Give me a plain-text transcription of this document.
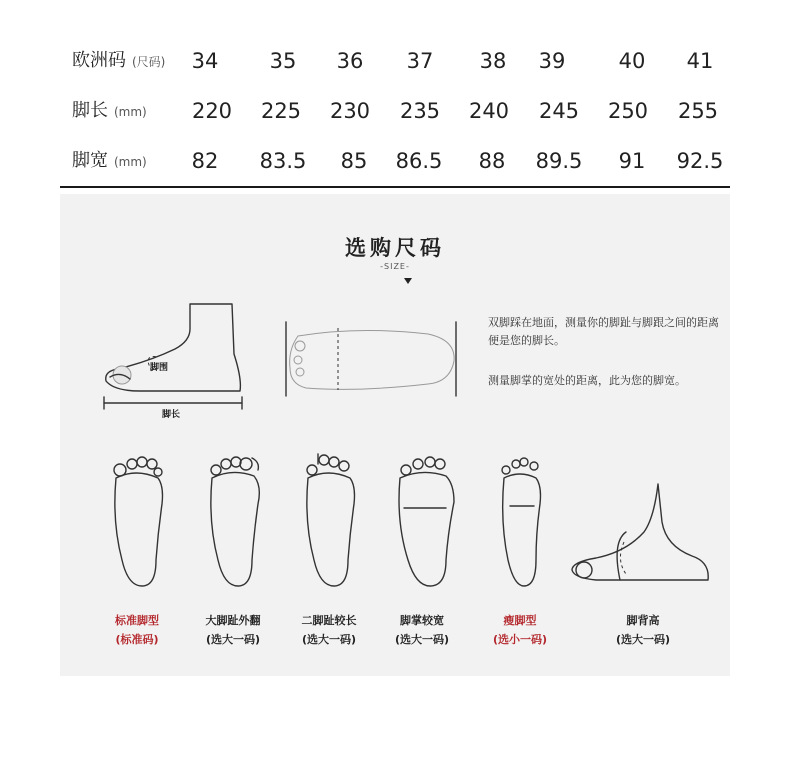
欧洲码 (尺码) 34 35 36 37 38 39	40 41
脚长 (mm) 220 225 230 235 240 245 250 255
脚宽 (mm) 82 83.5 85 86.5 88 89.5 91 92.5
选购尺码
-SIZE-
脚围
脚长
双脚踩在地面，测量你的脚趾与脚跟之间的距离便是您的脚长。
测量脚掌的宽处的距离，此为您的脚宽。
标准脚型
(标准码)
大脚趾外翻
(选大一码)
二脚趾较长
(选大一码)
脚掌较宽
(选大一码)
瘦脚型
(选小一码)
脚背高
(选大一码)
